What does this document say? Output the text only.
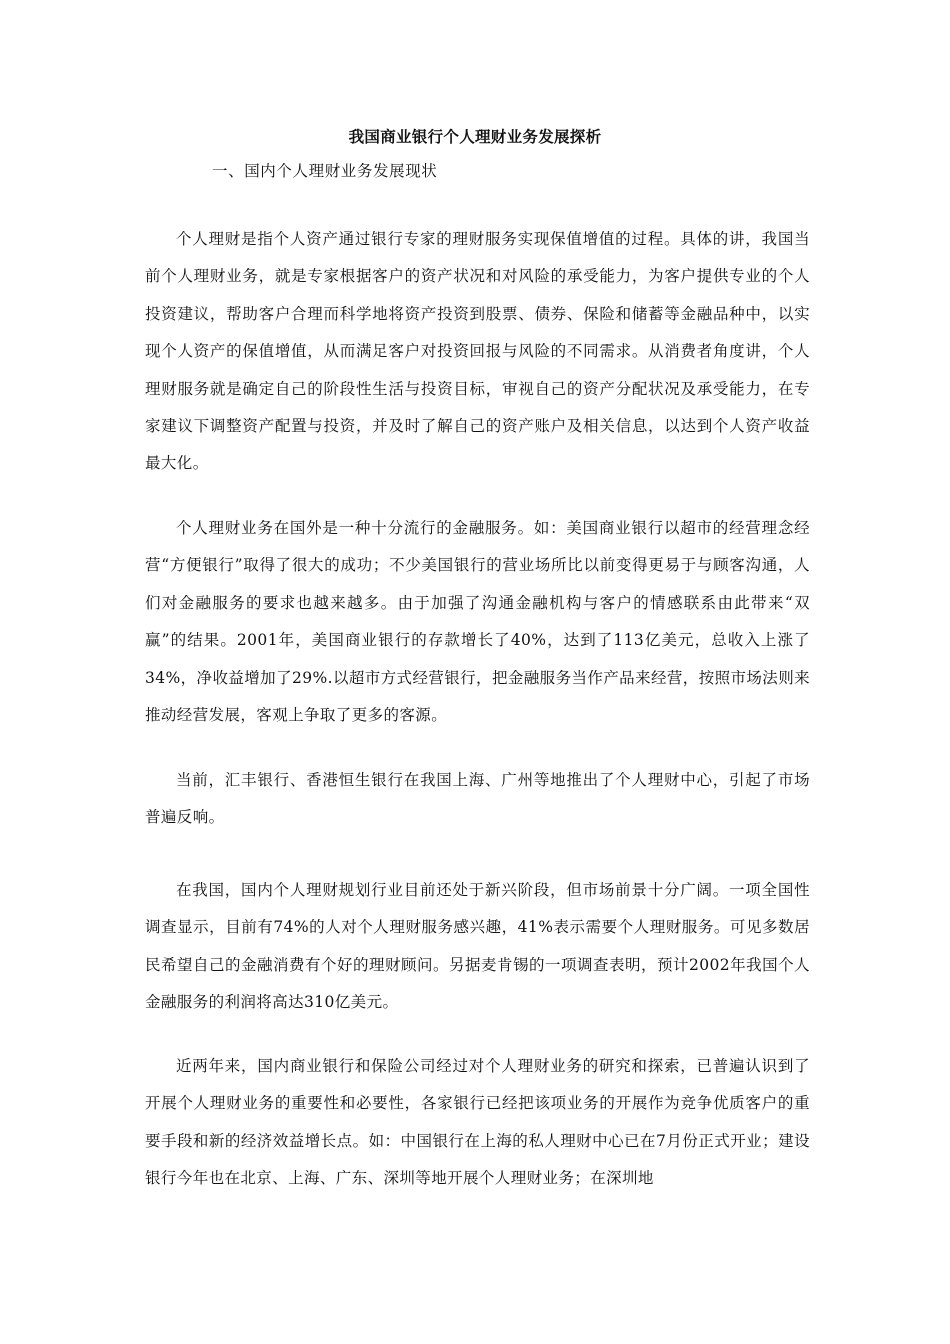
我国商业银行个人理财业务发展探析
一、国内个人理财业务发展现状

个人理财是指个人资产通过银行专家的理财服务实现保值增值的过程。具体的讲，我国当前个人理财业务，就是专家根据客户的资产状况和对风险的承受能力，为客户提供专业的个人投资建议，帮助客户合理而科学地将资产投资到股票、债券、保险和储蓄等金融品种中，以实现个人资产的保值增值，从而满足客户对投资回报与风险的不同需求。从消费者角度讲，个人理财服务就是确定自己的阶段性生活与投资目标，审视自己的资产分配状况及承受能力，在专家建议下调整资产配置与投资，并及时了解自己的资产账户及相关信息，以达到个人资产收益最大化。

个人理财业务在国外是一种十分流行的金融服务。如：美国商业银行以超市的经营理念经营“方便银行”取得了很大的成功；不少美国银行的营业场所比以前变得更易于与顾客沟通，人们对金融服务的要求也越来越多。由于加强了沟通金融机构与客户的情感联系由此带来“双赢”的结果。2001年，美国商业银行的存款增长了40%，达到了113亿美元，总收入上涨了34%，净收益增加了29%.以超市方式经营银行，把金融服务当作产品来经营，按照市场法则来推动经营发展，客观上争取了更多的客源。

当前，汇丰银行、香港恒生银行在我国上海、广州等地推出了个人理财中心，引起了市场普遍反响。

在我国，国内个人理财规划行业目前还处于新兴阶段，但市场前景十分广阔。一项全国性调查显示，目前有74%的人对个人理财服务感兴趣，41%表示需要个人理财服务。可见多数居民希望自己的金融消费有个好的理财顾问。另据麦肯锡的一项调查表明，预计2002年我国个人金融服务的利润将高达310亿美元。

近两年来，国内商业银行和保险公司经过对个人理财业务的研究和探索，已普遍认识到了开展个人理财业务的重要性和必要性，各家银行已经把该项业务的开展作为竞争优质客户的重要手段和新的经济效益增长点。如：中国银行在上海的私人理财中心已在7月份正式开业；建设银行今年也在北京、上海、广东、深圳等地开展个人理财业务；在深圳地
